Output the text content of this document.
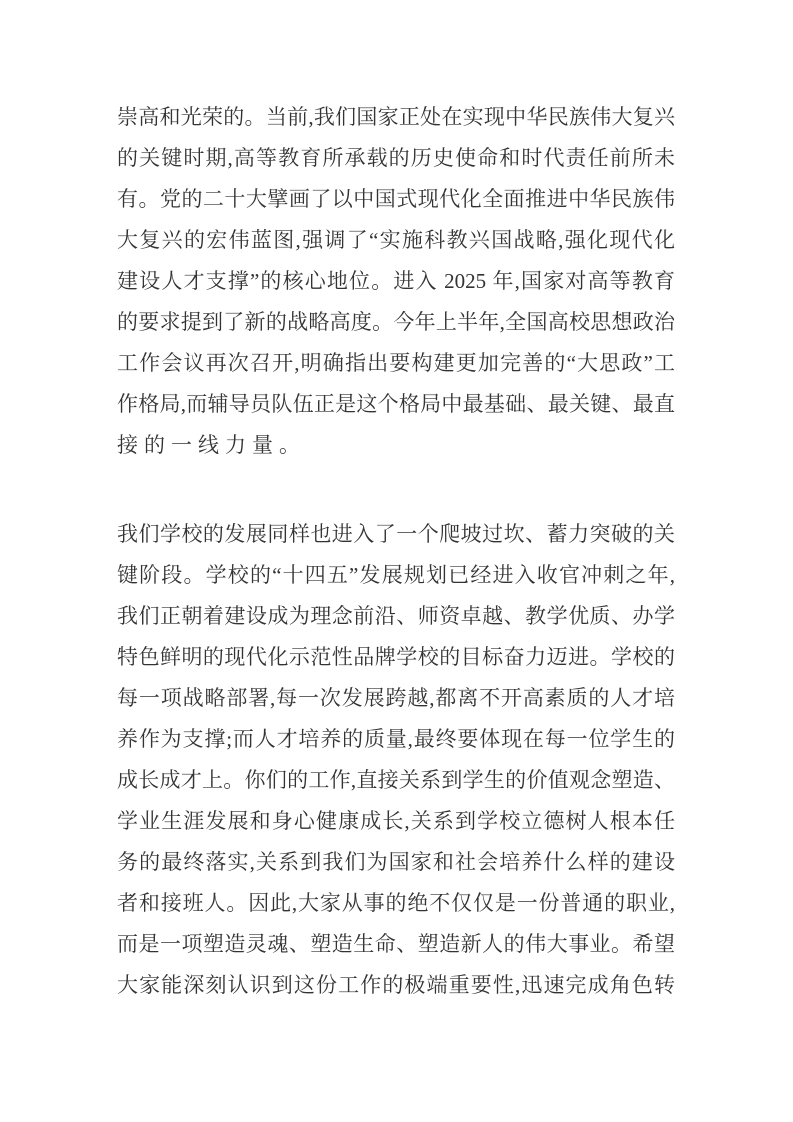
崇高和光荣的。当前,我们国家正处在实现中华民族伟大复兴
的关键时期,高等教育所承载的历史使命和时代责任前所未
有。党的二十大擘画了以中国式现代化全面推进中华民族伟
大复兴的宏伟蓝图,强调了“实施科教兴国战略,强化现代化
建设人才支撑”的核心地位。进入 2025 年,国家对高等教育
的要求提到了新的战略高度。今年上半年,全国高校思想政治
工作会议再次召开,明确指出要构建更加完善的“大思政”工
作格局,而辅导员队伍正是这个格局中最基础、最关键、最直
接的一线力量。
我们学校的发展同样也进入了一个爬坡过坎、蓄力突破的关
键阶段。学校的“十四五”发展规划已经进入收官冲刺之年,
我们正朝着建设成为理念前沿、师资卓越、教学优质、办学
特色鲜明的现代化示范性品牌学校的目标奋力迈进。学校的
每一项战略部署,每一次发展跨越,都离不开高素质的人才培
养作为支撑;而人才培养的质量,最终要体现在每一位学生的
成长成才上。你们的工作,直接关系到学生的价值观念塑造、
学业生涯发展和身心健康成长,关系到学校立德树人根本任
务的最终落实,关系到我们为国家和社会培养什么样的建设
者和接班人。因此,大家从事的绝不仅仅是一份普通的职业,
而是一项塑造灵魂、塑造生命、塑造新人的伟大事业。希望
大家能深刻认识到这份工作的极端重要性,迅速完成角色转
